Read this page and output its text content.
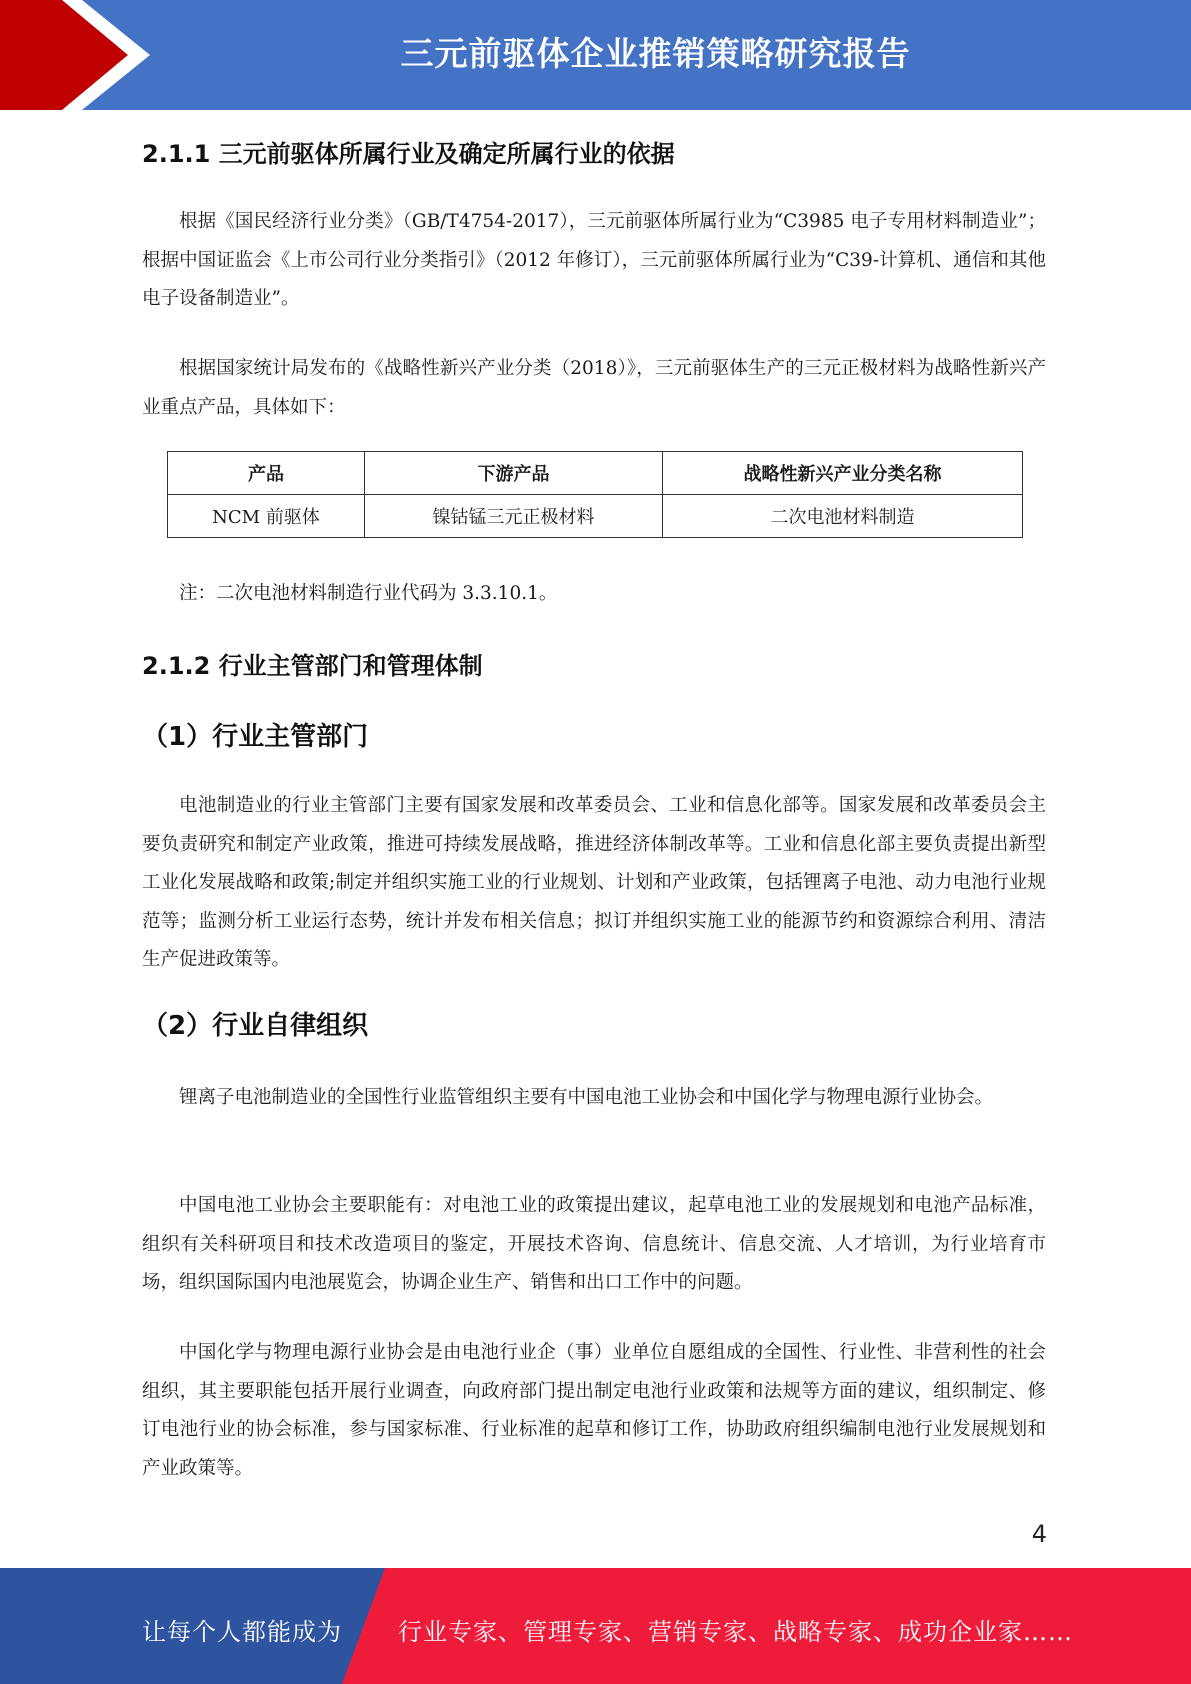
三元前驱体企业推销策略研究报告
2.1.1 三元前驱体所属行业及确定所属行业的依据

根据《国民经济行业分类》（GB/T4754-2017），三元前驱体所属行业为“C3985 电子专用材料制造业”；根据中国证监会《上市公司行业分类指引》（2012 年修订），三元前驱体所属行业为“C39-计算机、通信和其他电子设备制造业”。

根据国家统计局发布的《战略性新兴产业分类（2018）》，三元前驱体生产的三元正极材料为战略性新兴产业重点产品，具体如下：

产品	下游产品	战略性新兴产业分类名称
NCM 前驱体	镍钴锰三元正极材料	二次电池材料制造

注：二次电池材料制造行业代码为 3.3.10.1。

2.1.2 行业主管部门和管理体制
（1）行业主管部门

电池制造业的行业主管部门主要有国家发展和改革委员会、工业和信息化部等。国家发展和改革委员会主要负责研究和制定产业政策，推进可持续发展战略，推进经济体制改革等。工业和信息化部主要负责提出新型工业化发展战略和政策;制定并组织实施工业的行业规划、计划和产业政策，包括锂离子电池、动力电池行业规范等；监测分析工业运行态势，统计并发布相关信息；拟订并组织实施工业的能源节约和资源综合利用、清洁生产促进政策等。

（2）行业自律组织

锂离子电池制造业的全国性行业监管组织主要有中国电池工业协会和中国化学与物理电源行业协会。

中国电池工业协会主要职能有：对电池工业的政策提出建议，起草电池工业的发展规划和电池产品标准，组织有关科研项目和技术改造项目的鉴定，开展技术咨询、信息统计、信息交流、人才培训，为行业培育市场，组织国际国内电池展览会，协调企业生产、销售和出口工作中的问题。

中国化学与物理电源行业协会是由电池行业企（事）业单位自愿组成的全国性、行业性、非营利性的社会组织，其主要职能包括开展行业调查，向政府部门提出制定电池行业政策和法规等方面的建议，组织制定、修订电池行业的协会标准，参与国家标准、行业标准的起草和修订工作，协助政府组织编制电池行业发展规划和产业政策等。

4
让每个人都能成为 行业专家、管理专家、营销专家、战略专家、成功企业家……
